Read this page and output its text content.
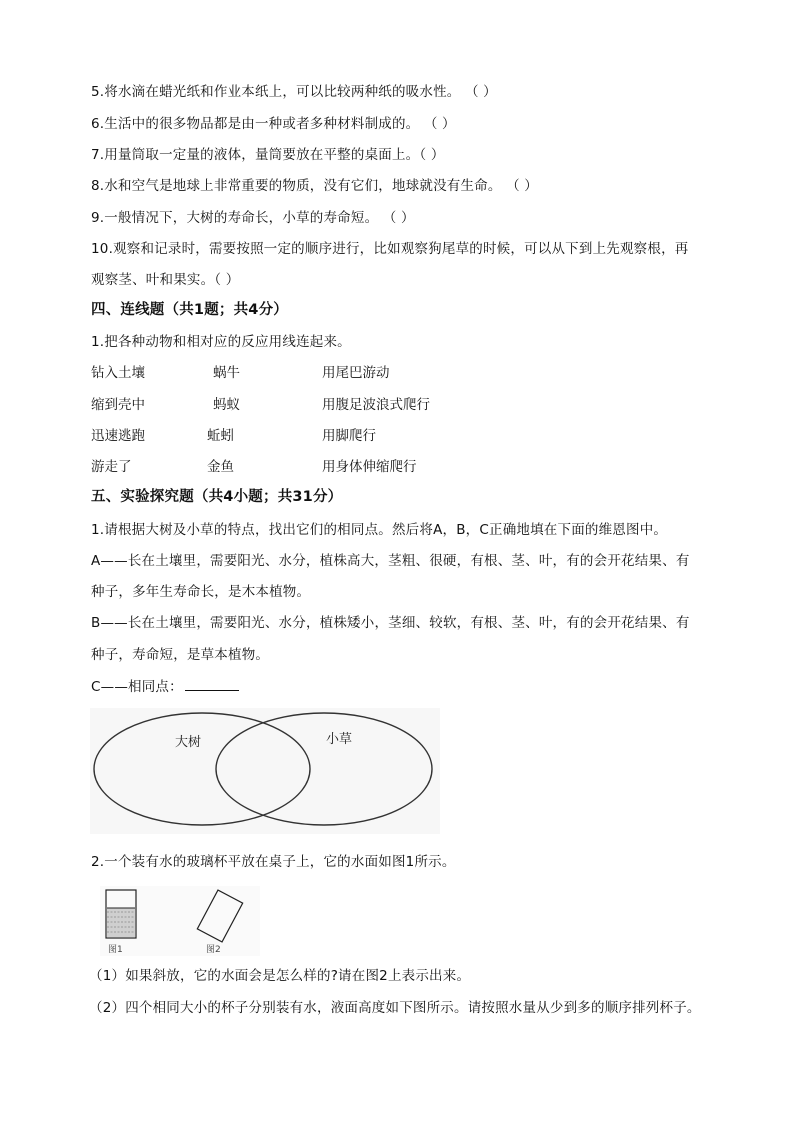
5.将水滴在蜡光纸和作业本纸上，可以比较两种纸的吸水性。 （ ）
6.生活中的很多物品都是由一种或者多种材料制成的。 （ ）
7.用量筒取一定量的液体，量筒要放在平整的桌面上。（ ）
8.水和空气是地球上非常重要的物质，没有它们，地球就没有生命。 （ ）
9.一般情况下，大树的寿命长，小草的寿命短。 （ ）
10.观察和记录时，需要按照一定的顺序进行，比如观察狗尾草的时候，可以从下到上先观察根，再
观察茎、叶和果实。（ ）
四、连线题（共1题；共4分）
1.把各种动物和相对应的反应用线连起来。
钻入土壤	蜗牛	用尾巴游动
缩到壳中	蚂蚁	用腹足波浪式爬行
迅速逃跑	蚯蚓	用脚爬行
游走了	金鱼	用身体伸缩爬行
五、实验探究题（共4小题；共31分）
1.请根据大树及小草的特点，找出它们的相同点。然后将A，B，C正确地填在下面的维恩图中。
A——长在土壤里，需要阳光、水分，植株高大，茎粗、很硬，有根、茎、叶，有的会开花结果、有
种子，多年生寿命长，是木本植物。
B——长在土壤里，需要阳光、水分，植株矮小，茎细、较软，有根、茎、叶，有的会开花结果、有
种子，寿命短，是草本植物。
C——相同点：
大树	小草
2.一个装有水的玻璃杯平放在桌子上，它的水面如图1所示。
图1	图2
（1）如果斜放，它的水面会是怎么样的?请在图2上表示出来。
（2）四个相同大小的杯子分别装有水，液面高度如下图所示。请按照水量从少到多的顺序排列杯子。
